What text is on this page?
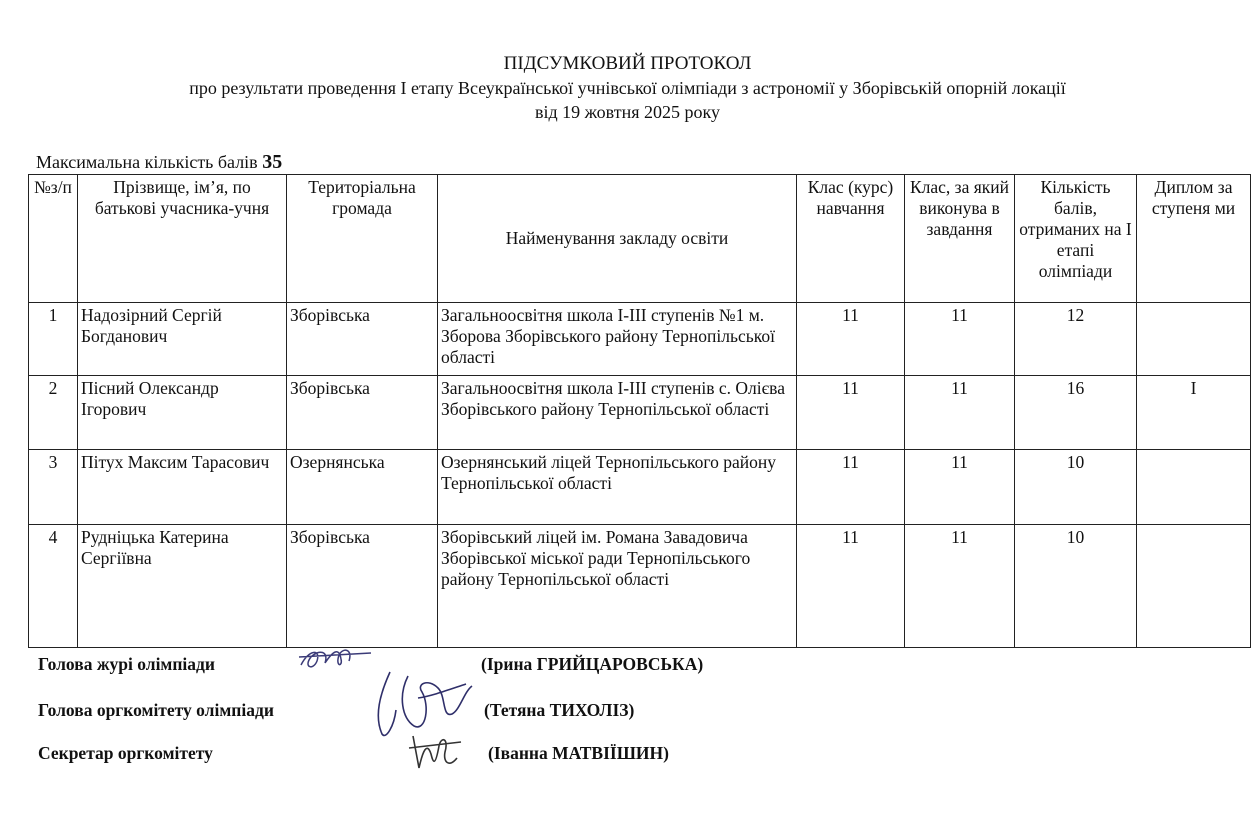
ПІДСУМКОВИЙ ПРОТОКОЛ
про результати проведення І етапу Всеукраїнської учнівської олімпіади з астрономії у Зборівській опорній локації
від 19 жовтня 2025 року
Максимальна кількість балів 35
№з/п	Прізвище, ім’я, по батькові учасника-учня	Територіальна громада	Найменування закладу освіти	Клас (курс) навчання	Клас, за який виконува в завдання	Кількість балів, отриманих на І етапі олімпіади	Диплом за ступеня ми
1	Надозірний Сергій Богданович	Зборівська	Загальноосвітня школа І-ІІІ ступенів №1 м. Зборова Зборівського району Тернопільської області	11	11	12	
2	Пісний Олександр Ігорович	Зборівська	Загальноосвітня школа І-ІІІ ступенів с. Олієва Зборівського району Тернопільської області	11	11	16	І
3	Пітух Максим Тарасович	Озернянська	Озернянський ліцей Тернопільського району Тернопільської області	11	11	10	
4	Рудніцька Катерина Сергіївна	Зборівська	Зборівський ліцей ім. Романа Завадовича Зборівської міської ради Тернопільського району Тернопільської області	11	11	10	
Голова журі олімпіади	(Ірина ГРИЙЦАРОВСЬКА)
Голова оргкомітету олімпіади	(Тетяна ТИХОЛІЗ)
Секретар оргкомітету	(Іванна МАТВІЇШИН)
